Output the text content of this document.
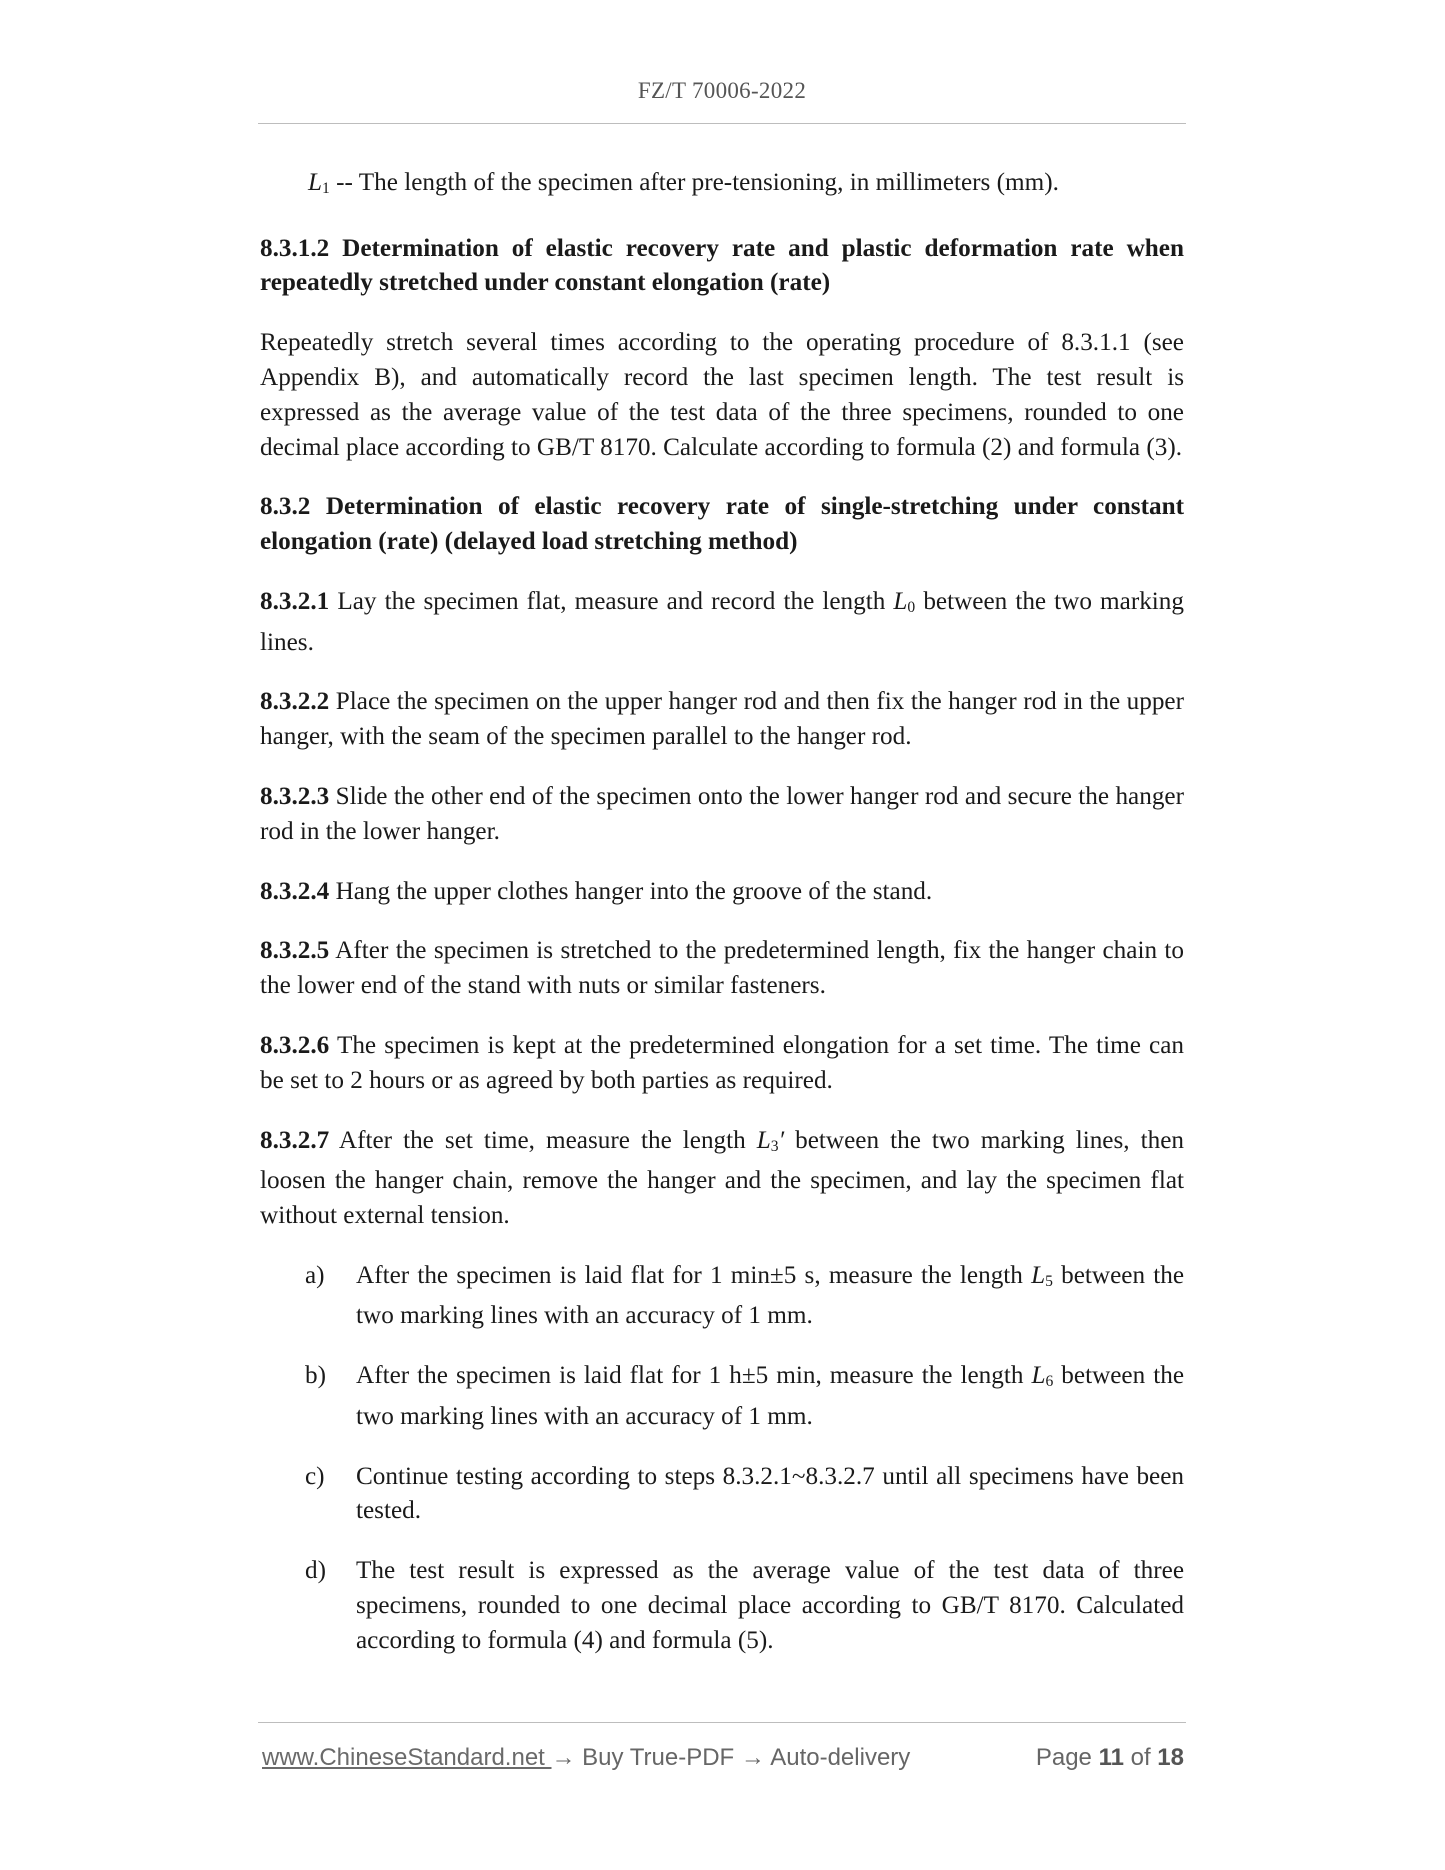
FZ/T 70006-2022

L1 -- The length of the specimen after pre-tensioning, in millimeters (mm).

8.3.1.2 Determination of elastic recovery rate and plastic deformation rate when repeatedly stretched under constant elongation (rate)

Repeatedly stretch several times according to the operating procedure of 8.3.1.1 (see Appendix B), and automatically record the last specimen length. The test result is expressed as the average value of the test data of the three specimens, rounded to one decimal place according to GB/T 8170. Calculate according to formula (2) and formula (3).

8.3.2 Determination of elastic recovery rate of single-stretching under constant elongation (rate) (delayed load stretching method)

8.3.2.1 Lay the specimen flat, measure and record the length L0 between the two marking lines.

8.3.2.2 Place the specimen on the upper hanger rod and then fix the hanger rod in the upper hanger, with the seam of the specimen parallel to the hanger rod.

8.3.2.3 Slide the other end of the specimen onto the lower hanger rod and secure the hanger rod in the lower hanger.

8.3.2.4 Hang the upper clothes hanger into the groove of the stand.

8.3.2.5 After the specimen is stretched to the predetermined length, fix the hanger chain to the lower end of the stand with nuts or similar fasteners.

8.3.2.6 The specimen is kept at the predetermined elongation for a set time. The time can be set to 2 hours or as agreed by both parties as required.

8.3.2.7 After the set time, measure the length L3′ between the two marking lines, then loosen the hanger chain, remove the hanger and the specimen, and lay the specimen flat without external tension.

a) After the specimen is laid flat for 1 min±5 s, measure the length L5 between the two marking lines with an accuracy of 1 mm.
b) After the specimen is laid flat for 1 h±5 min, measure the length L6 between the two marking lines with an accuracy of 1 mm.
c) Continue testing according to steps 8.3.2.1~8.3.2.7 until all specimens have been tested.
d) The test result is expressed as the average value of the test data of three specimens, rounded to one decimal place according to GB/T 8170. Calculated according to formula (4) and formula (5).
www.ChineseStandard.net → Buy True-PDF → Auto-delivery	Page 11 of 18
